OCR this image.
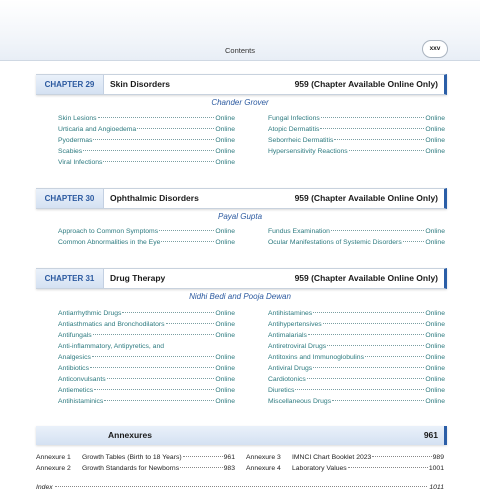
Contents	xxv
CHAPTER 29	Skin Disorders	959 (Chapter Available Online Only)
Chander Grover
Skin Lesions	Online
Urticaria and Angioedema	Online
Pyodermas	Online
Scabies	Online
Viral Infections	Online
Fungal Infections	Online
Atopic Dermatitis	Online
Seborrheic Dermatitis	Online
Hypersensitivity Reactions	Online
CHAPTER 30	Ophthalmic Disorders	959 (Chapter Available Online Only)
Payal Gupta
Approach to Common Symptoms	Online
Common Abnormalities in the Eye	Online
Fundus Examination	Online
Ocular Manifestations of Systemic Disorders	Online
CHAPTER 31	Drug Therapy	959 (Chapter Available Online Only)
Nidhi Bedi and Pooja Dewan
Antiarrhythmic Drugs	Online
Antiasthmatics and Bronchodilators	Online
Antifungals	Online
Anti-inflammatory, Antipyretics, and
Analgesics	Online
Antibiotics	Online
Anticonvulsants	Online
Antiemetics	Online
Antihistaminics	Online
Antihistamines	Online
Antihypertensives	Online
Antimalarials	Online
Antiretroviral Drugs	Online
Antitoxins and Immunoglobulins	Online
Antiviral Drugs	Online
Cardiotonics	Online
Diuretics	Online
Miscellaneous Drugs	Online
Annexures	961
Annexure 1	Growth Tables (Birth to 18 Years)	961
Annexure 2	Growth Standards for Newborns	983
Annexure 3	IMNCI Chart Booklet 2023	989
Annexure 4	Laboratory Values	1001
Index	1011
